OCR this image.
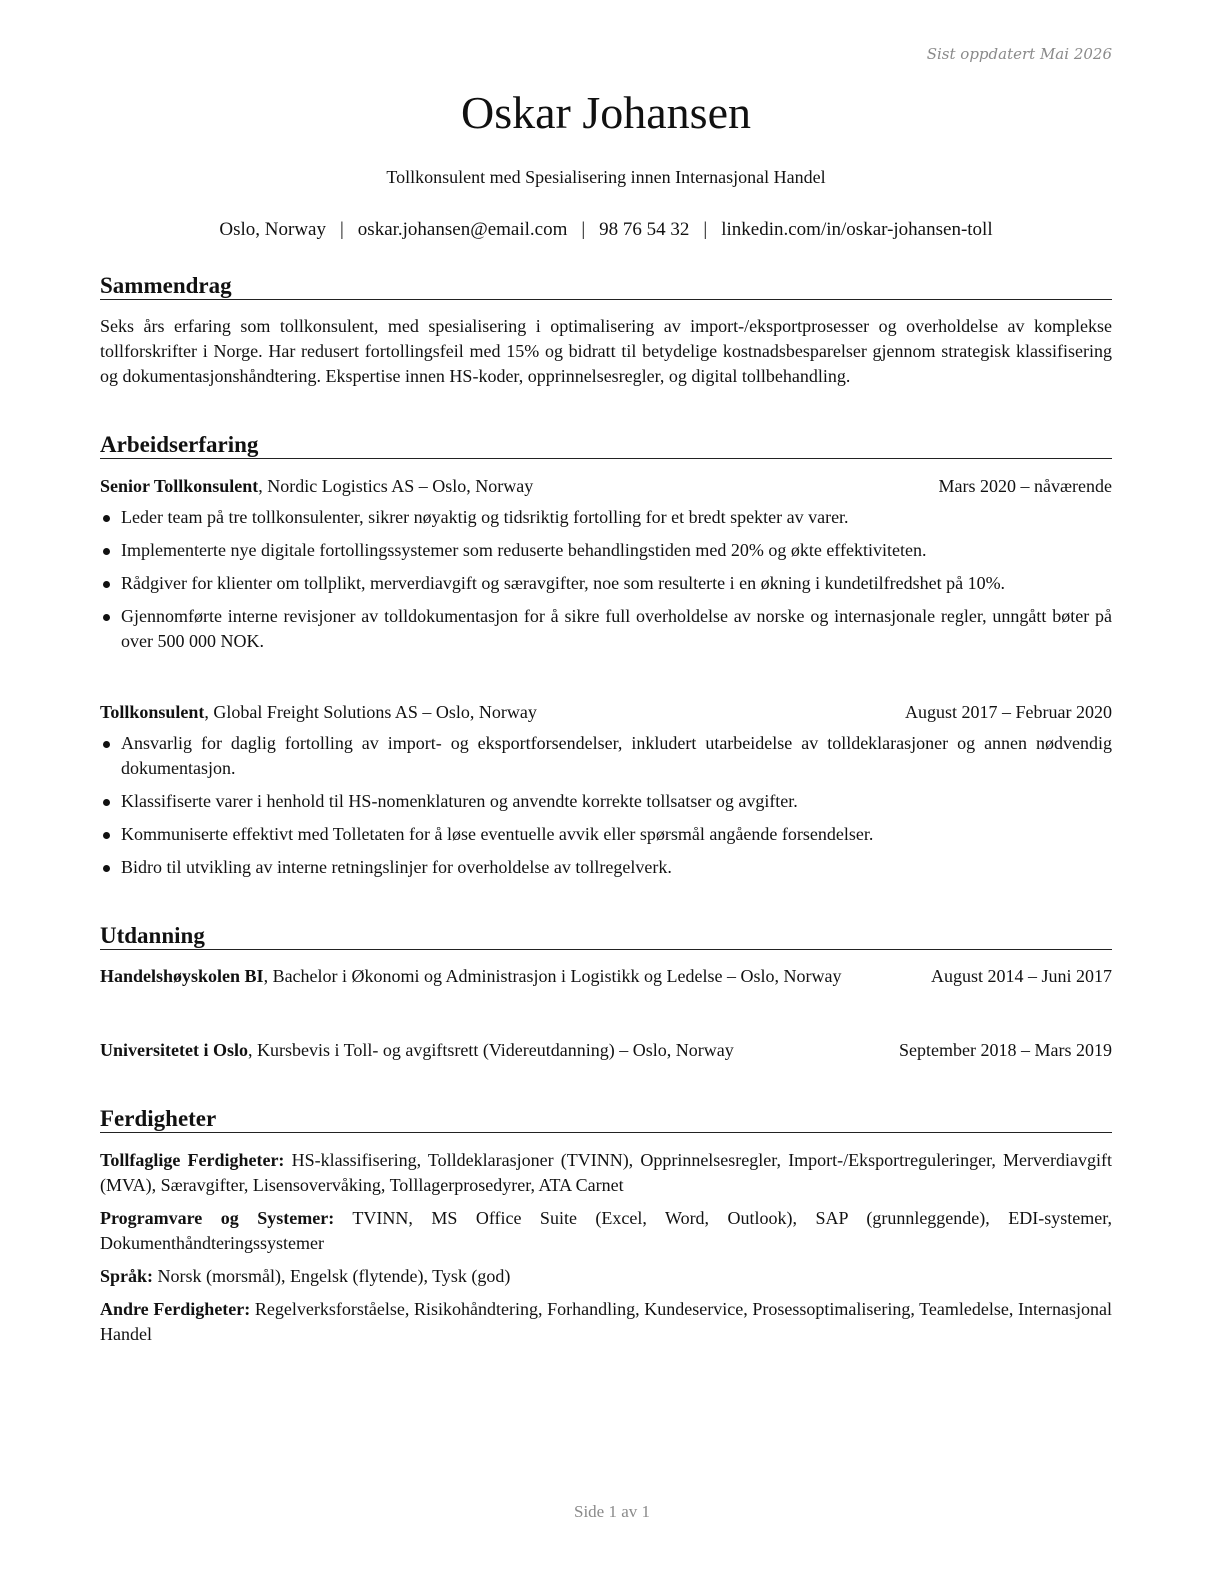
Sist oppdatert Mai 2026
Oskar Johansen
Tollkonsulent med Spesialisering innen Internasjonal Handel
Oslo, Norway | oskar.johansen@email.com | 98 76 54 32 | linkedin.com/in/oskar-johansen-toll
Sammendrag
Seks års erfaring som tollkonsulent, med spesialisering i optimalisering av import-/eksportprosesser og overholdelse av komplekse tollforskrifter i Norge. Har redusert fortollingsfeil med 15% og bidratt til betydelige kostnadsbesparelser gjennom strategisk klassifisering og dokumentasjonshåndtering. Ekspertise innen HS-koder, opprinnelsesregler, og digital tollbehandling.
Arbeidserfaring
Senior Tollkonsulent, Nordic Logistics AS – Oslo, Norway	Mars 2020 – nåværende
Leder team på tre tollkonsulenter, sikrer nøyaktig og tidsriktig fortolling for et bredt spekter av varer.
Implementerte nye digitale fortollingssystemer som reduserte behandlingstiden med 20% og økte effektiviteten.
Rådgiver for klienter om tollplikt, merverdiavgift og særavgifter, noe som resulterte i en økning i kundetilfredshet på 10%.
Gjennomførte interne revisjoner av tolldokumentasjon for å sikre full overholdelse av norske og internasjonale regler, unngått bøter på over 500 000 NOK.
Tollkonsulent, Global Freight Solutions AS – Oslo, Norway	August 2017 – Februar 2020
Ansvarlig for daglig fortolling av import- og eksportforsendelser, inkludert utarbeidelse av tolldeklarasjoner og annen nødvendig dokumentasjon.
Klassifiserte varer i henhold til HS-nomenklaturen og anvendte korrekte tollsatser og avgifter.
Kommuniserte effektivt med Tolletaten for å løse eventuelle avvik eller spørsmål angående forsendelser.
Bidro til utvikling av interne retningslinjer for overholdelse av tollregelverk.
Utdanning
Handelshøyskolen BI, Bachelor i Økonomi og Administrasjon i Logistikk og Ledelse – Oslo, Norway	August 2014 – Juni 2017
Universitetet i Oslo, Kursbevis i Toll- og avgiftsrett (Videreutdanning) – Oslo, Norway	September 2018 – Mars 2019
Ferdigheter
Tollfaglige Ferdigheter: HS-klassifisering, Tolldeklarasjoner (TVINN), Opprinnelsesregler, Import-/Eksportreguleringer, Merverdiavgift (MVA), Særavgifter, Lisensovervåking, Tolllagerprosedyrer, ATA Carnet
Programvare og Systemer: TVINN, MS Office Suite (Excel, Word, Outlook), SAP (grunnleggende), EDI-systemer, Dokumenthåndteringssystemer
Språk: Norsk (morsmål), Engelsk (flytende), Tysk (god)
Andre Ferdigheter: Regelverksforståelse, Risikohåndtering, Forhandling, Kundeservice, Prosessoptimalisering, Teamledelse, Internasjonal Handel
Side 1 av 1
